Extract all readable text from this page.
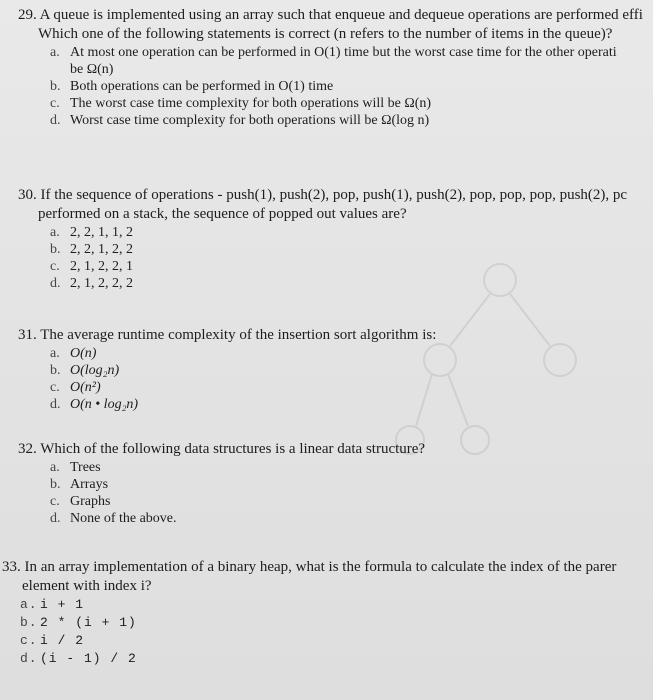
29. A queue is implemented using an array such that enqueue and dequeue operations are performed effi
Which one of the following statements is correct (n refers to the number of items in the queue)?
a. At most one operation can be performed in O(1) time but the worst case time for the other operati
be Ω(n)
b. Both operations can be performed in O(1) time
c. The worst case time complexity for both operations will be Ω(n)
d. Worst case time complexity for both operations will be Ω(log n)
30. If the sequence of operations - push(1), push(2), pop, push(1), push(2), pop, pop, pop, push(2), pc
performed on a stack, the sequence of popped out values are?
a. 2, 2, 1, 1, 2
b. 2, 2, 1, 2, 2
c. 2, 1, 2, 2, 1
d. 2, 1, 2, 2, 2
31. The average runtime complexity of the insertion sort algorithm is:
a. O(n)
b. O(log₂n)
c. O(n²)
d. O(n • log₂n)
32. Which of the following data structures is a linear data structure?
a. Trees
b. Arrays
c. Graphs
d. None of the above.
33. In an array implementation of a binary heap, what is the formula to calculate the index of the parer
element with index i?
a. i + 1
b. 2 * (i + 1)
c. i / 2
d. (i - 1) / 2
